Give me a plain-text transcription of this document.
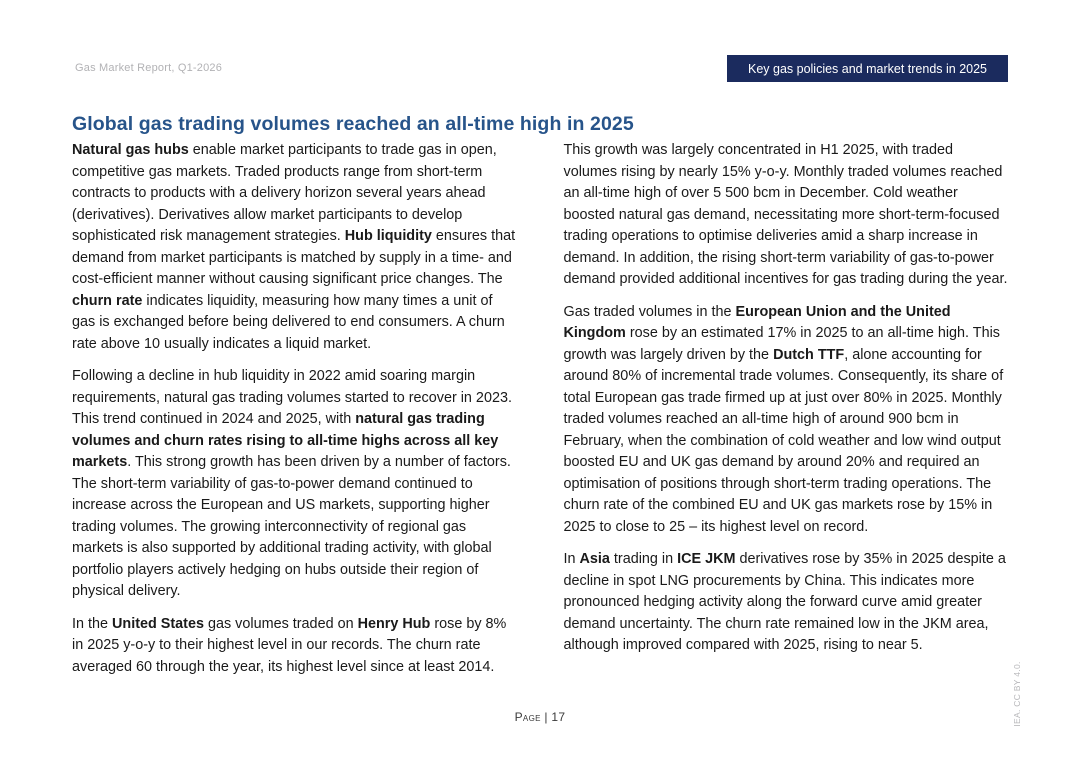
Gas Market Report, Q1-2026	Key gas policies and market trends in 2025
Global gas trading volumes reached an all-time high in 2025

Natural gas hubs enable market participants to trade gas in open, competitive gas markets. Traded products range from short-term contracts to products with a delivery horizon several years ahead (derivatives). Derivatives allow market participants to develop sophisticated risk management strategies. Hub liquidity ensures that demand from market participants is matched by supply in a time- and cost-efficient manner without causing significant price changes. The churn rate indicates liquidity, measuring how many times a unit of gas is exchanged before being delivered to end consumers. A churn rate above 10 usually indicates a liquid market.

Following a decline in hub liquidity in 2022 amid soaring margin requirements, natural gas trading volumes started to recover in 2023. This trend continued in 2024 and 2025, with natural gas trading volumes and churn rates rising to all-time highs across all key markets. This strong growth has been driven by a number of factors. The short-term variability of gas-to-power demand continued to increase across the European and US markets, supporting higher trading volumes. The growing interconnectivity of regional gas markets is also supported by additional trading activity, with global portfolio players actively hedging on hubs outside their region of physical delivery.

In the United States gas volumes traded on Henry Hub rose by 8% in 2025 y-o-y to their highest level in our records. The churn rate averaged 60 through the year, its highest level since at least 2014.

This growth was largely concentrated in H1 2025, with traded volumes rising by nearly 15% y-o-y. Monthly traded volumes reached an all-time high of over 5 500 bcm in December. Cold weather boosted natural gas demand, necessitating more short-term-focused trading operations to optimise deliveries amid a sharp increase in demand. In addition, the rising short-term variability of gas-to-power demand provided additional incentives for gas trading during the year.

Gas traded volumes in the European Union and the United Kingdom rose by an estimated 17% in 2025 to an all-time high. This growth was largely driven by the Dutch TTF, alone accounting for around 80% of incremental trade volumes. Consequently, its share of total European gas trade firmed up at just over 80% in 2025. Monthly traded volumes reached an all-time high of around 900 bcm in February, when the combination of cold weather and low wind output boosted EU and UK gas demand by around 20% and required an optimisation of positions through short-term trading operations. The churn rate of the combined EU and UK gas markets rose by 15% in 2025 to close to 25 – its highest level on record.

In Asia trading in ICE JKM derivatives rose by 35% in 2025 despite a decline in spot LNG procurements by China. This indicates more pronounced hedging activity along the forward curve amid greater demand uncertainty. The churn rate remained low in the JKM area, although improved compared with 2025, rising to near 5.

Page | 17	IEA. CC BY 4.0.
